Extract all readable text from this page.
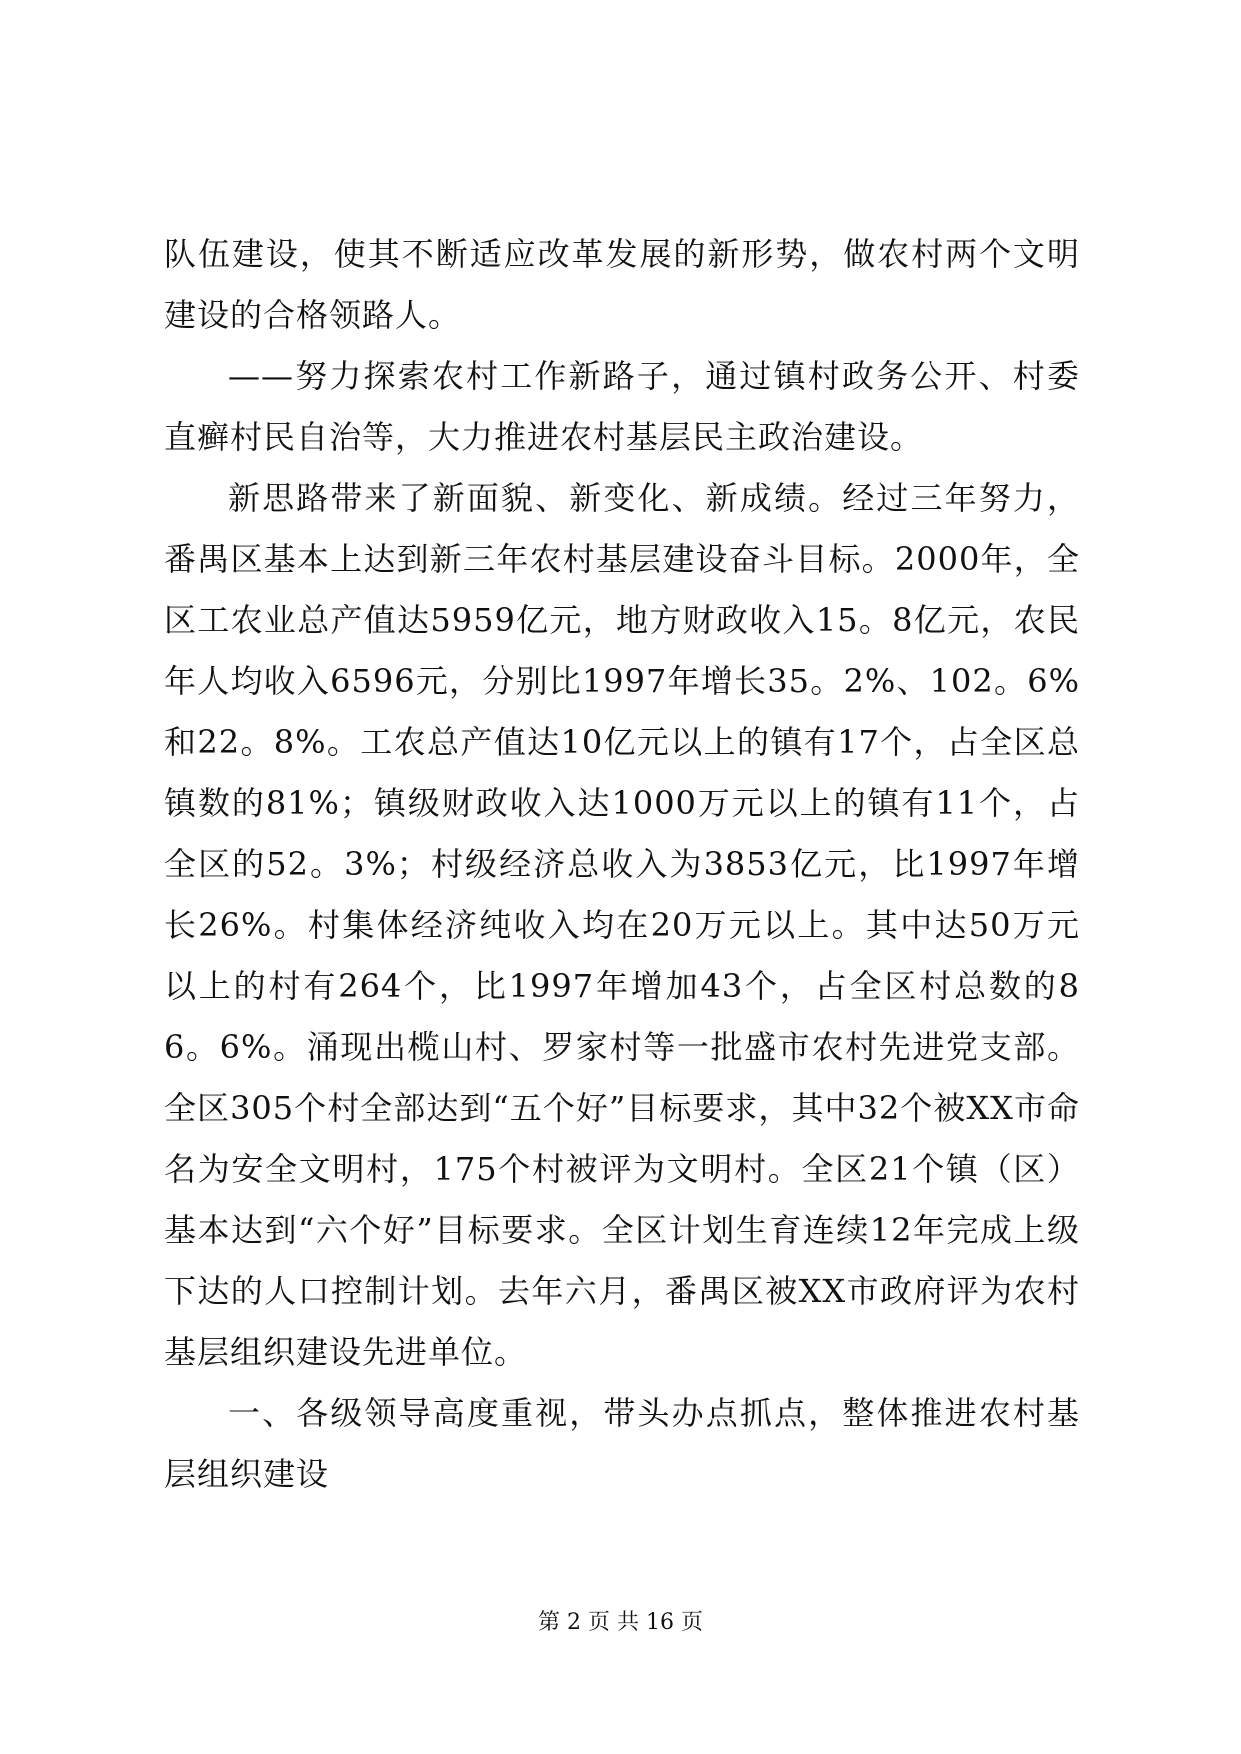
队伍建设，使其不断适应改革发展的新形势，做农村两个文明建设的合格领路人。

——努力探索农村工作新路子，通过镇村政务公开、村委直癣村民自治等，大力推进农村基层民主政治建设。

新思路带来了新面貌、新变化、新成绩。经过三年努力，番禺区基本上达到新三年农村基层建设奋斗目标。2000年，全区工农业总产值达5959亿元，地方财政收入15。8亿元，农民年人均收入6596元，分别比1997年增长35。2%、102。6%和22。8%。工农总产值达10亿元以上的镇有17个，占全区总镇数的81%；镇级财政收入达1000万元以上的镇有11个，占全区的52。3%；村级经济总收入为3853亿元，比1997年增长26%。村集体经济纯收入均在20万元以上。其中达50万元以上的村有264个，比1997年增加43个，占全区村总数的86。6%。涌现出榄山村、罗家村等一批盛市农村先进党支部。全区305个村全部达到“五个好”目标要求，其中32个被XX市命名为安全文明村，175个村被评为文明村。全区21个镇（区）基本达到“六个好”目标要求。全区计划生育连续12年完成上级下达的人口控制计划。去年六月，番禺区被XX市政府评为农村基层组织建设先进单位。

一、各级领导高度重视，带头办点抓点，整体推进农村基层组织建设

第 2 页 共 16 页
